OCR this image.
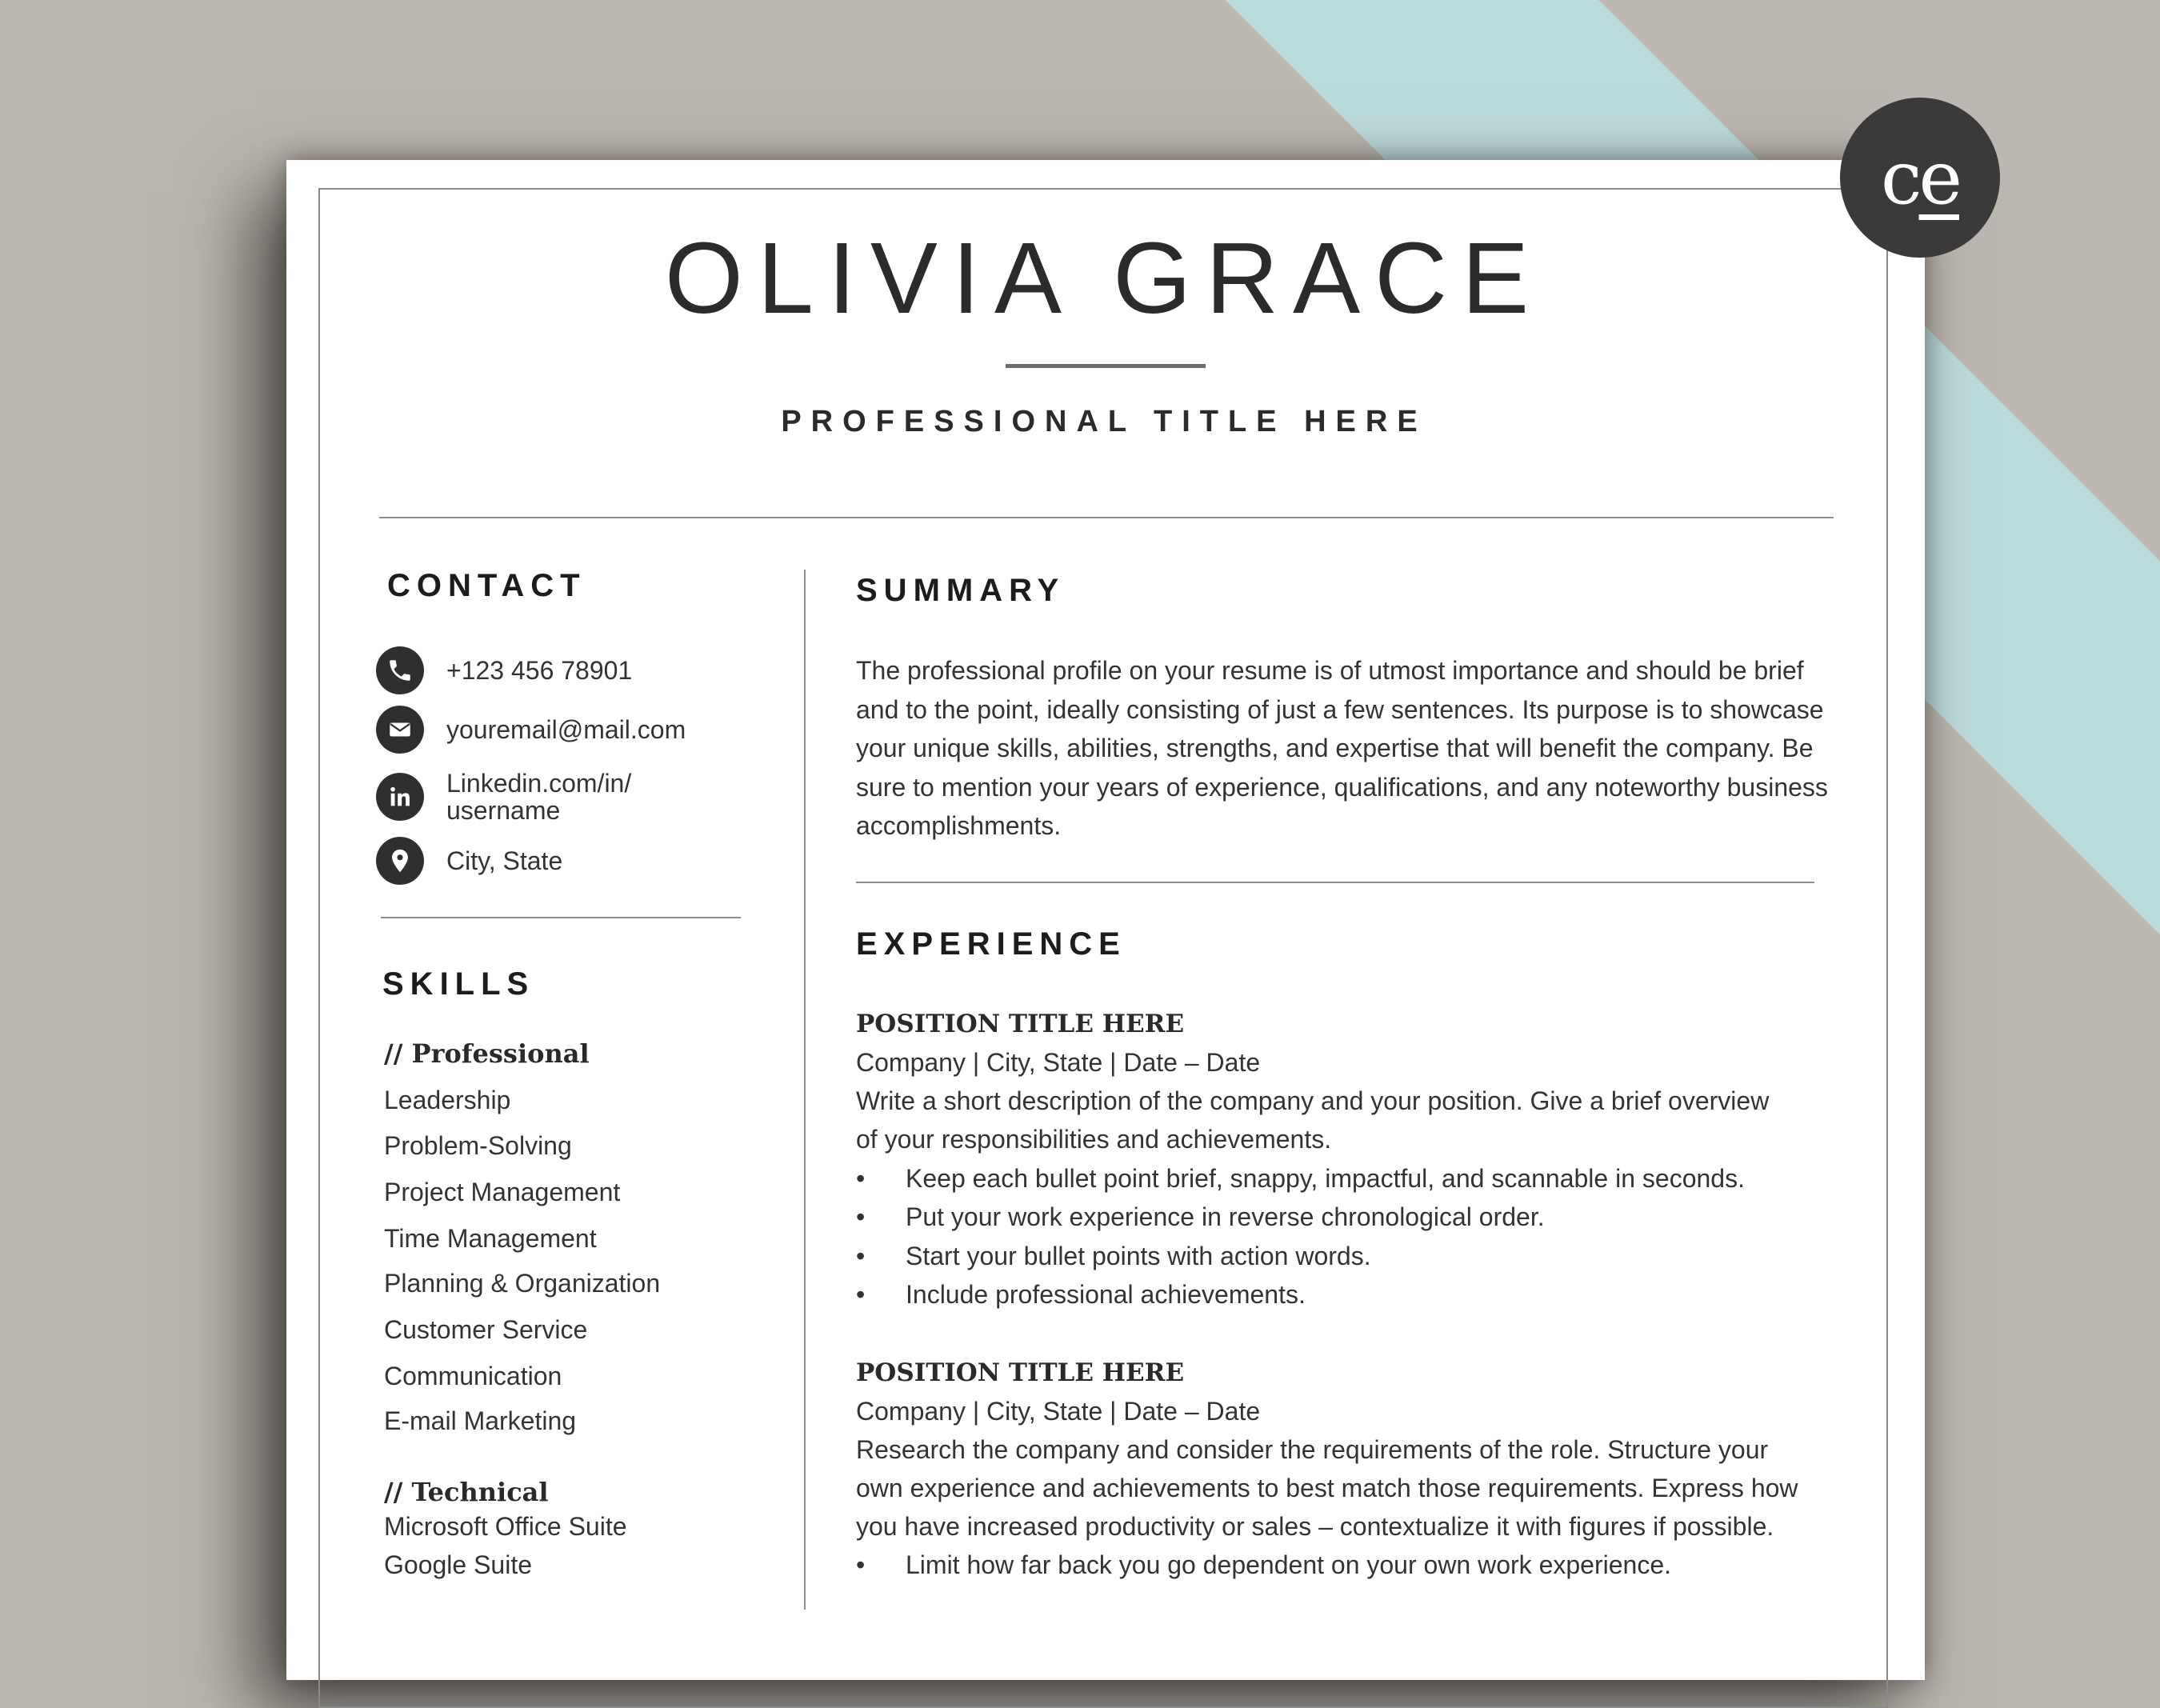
ce
OLIVIA GRACE
PROFESSIONAL TITLE HERE
CONTACT
+123 456 78901
youremail@mail.com
Linkedin.com/in/
username
City, State
SKILLS
// Professional
Leadership
Problem-Solving
Project Management
Time Management
Planning & Organization
Customer Service
Communication
E-mail Marketing
// Technical
Microsoft Office Suite
Google Suite
SUMMARY
The professional profile on your resume is of utmost importance and should be brief and to the point, ideally consisting of just a few sentences. Its purpose is to showcase your unique skills, abilities, strengths, and expertise that will benefit the company. Be sure to mention your years of experience, qualifications, and any noteworthy business accomplishments.
EXPERIENCE
POSITION TITLE HERE
Company | City, State | Date – Date
Write a short description of the company and your position. Give a brief overview
of your responsibilities and achievements.
• Keep each bullet point brief, snappy, impactful, and scannable in seconds.
• Put your work experience in reverse chronological order.
• Start your bullet points with action words.
• Include professional achievements.
POSITION TITLE HERE
Company | City, State | Date – Date
Research the company and consider the requirements of the role. Structure your
own experience and achievements to best match those requirements. Express how
you have increased productivity or sales – contextualize it with figures if possible.
• Limit how far back you go dependent on your own work experience.
